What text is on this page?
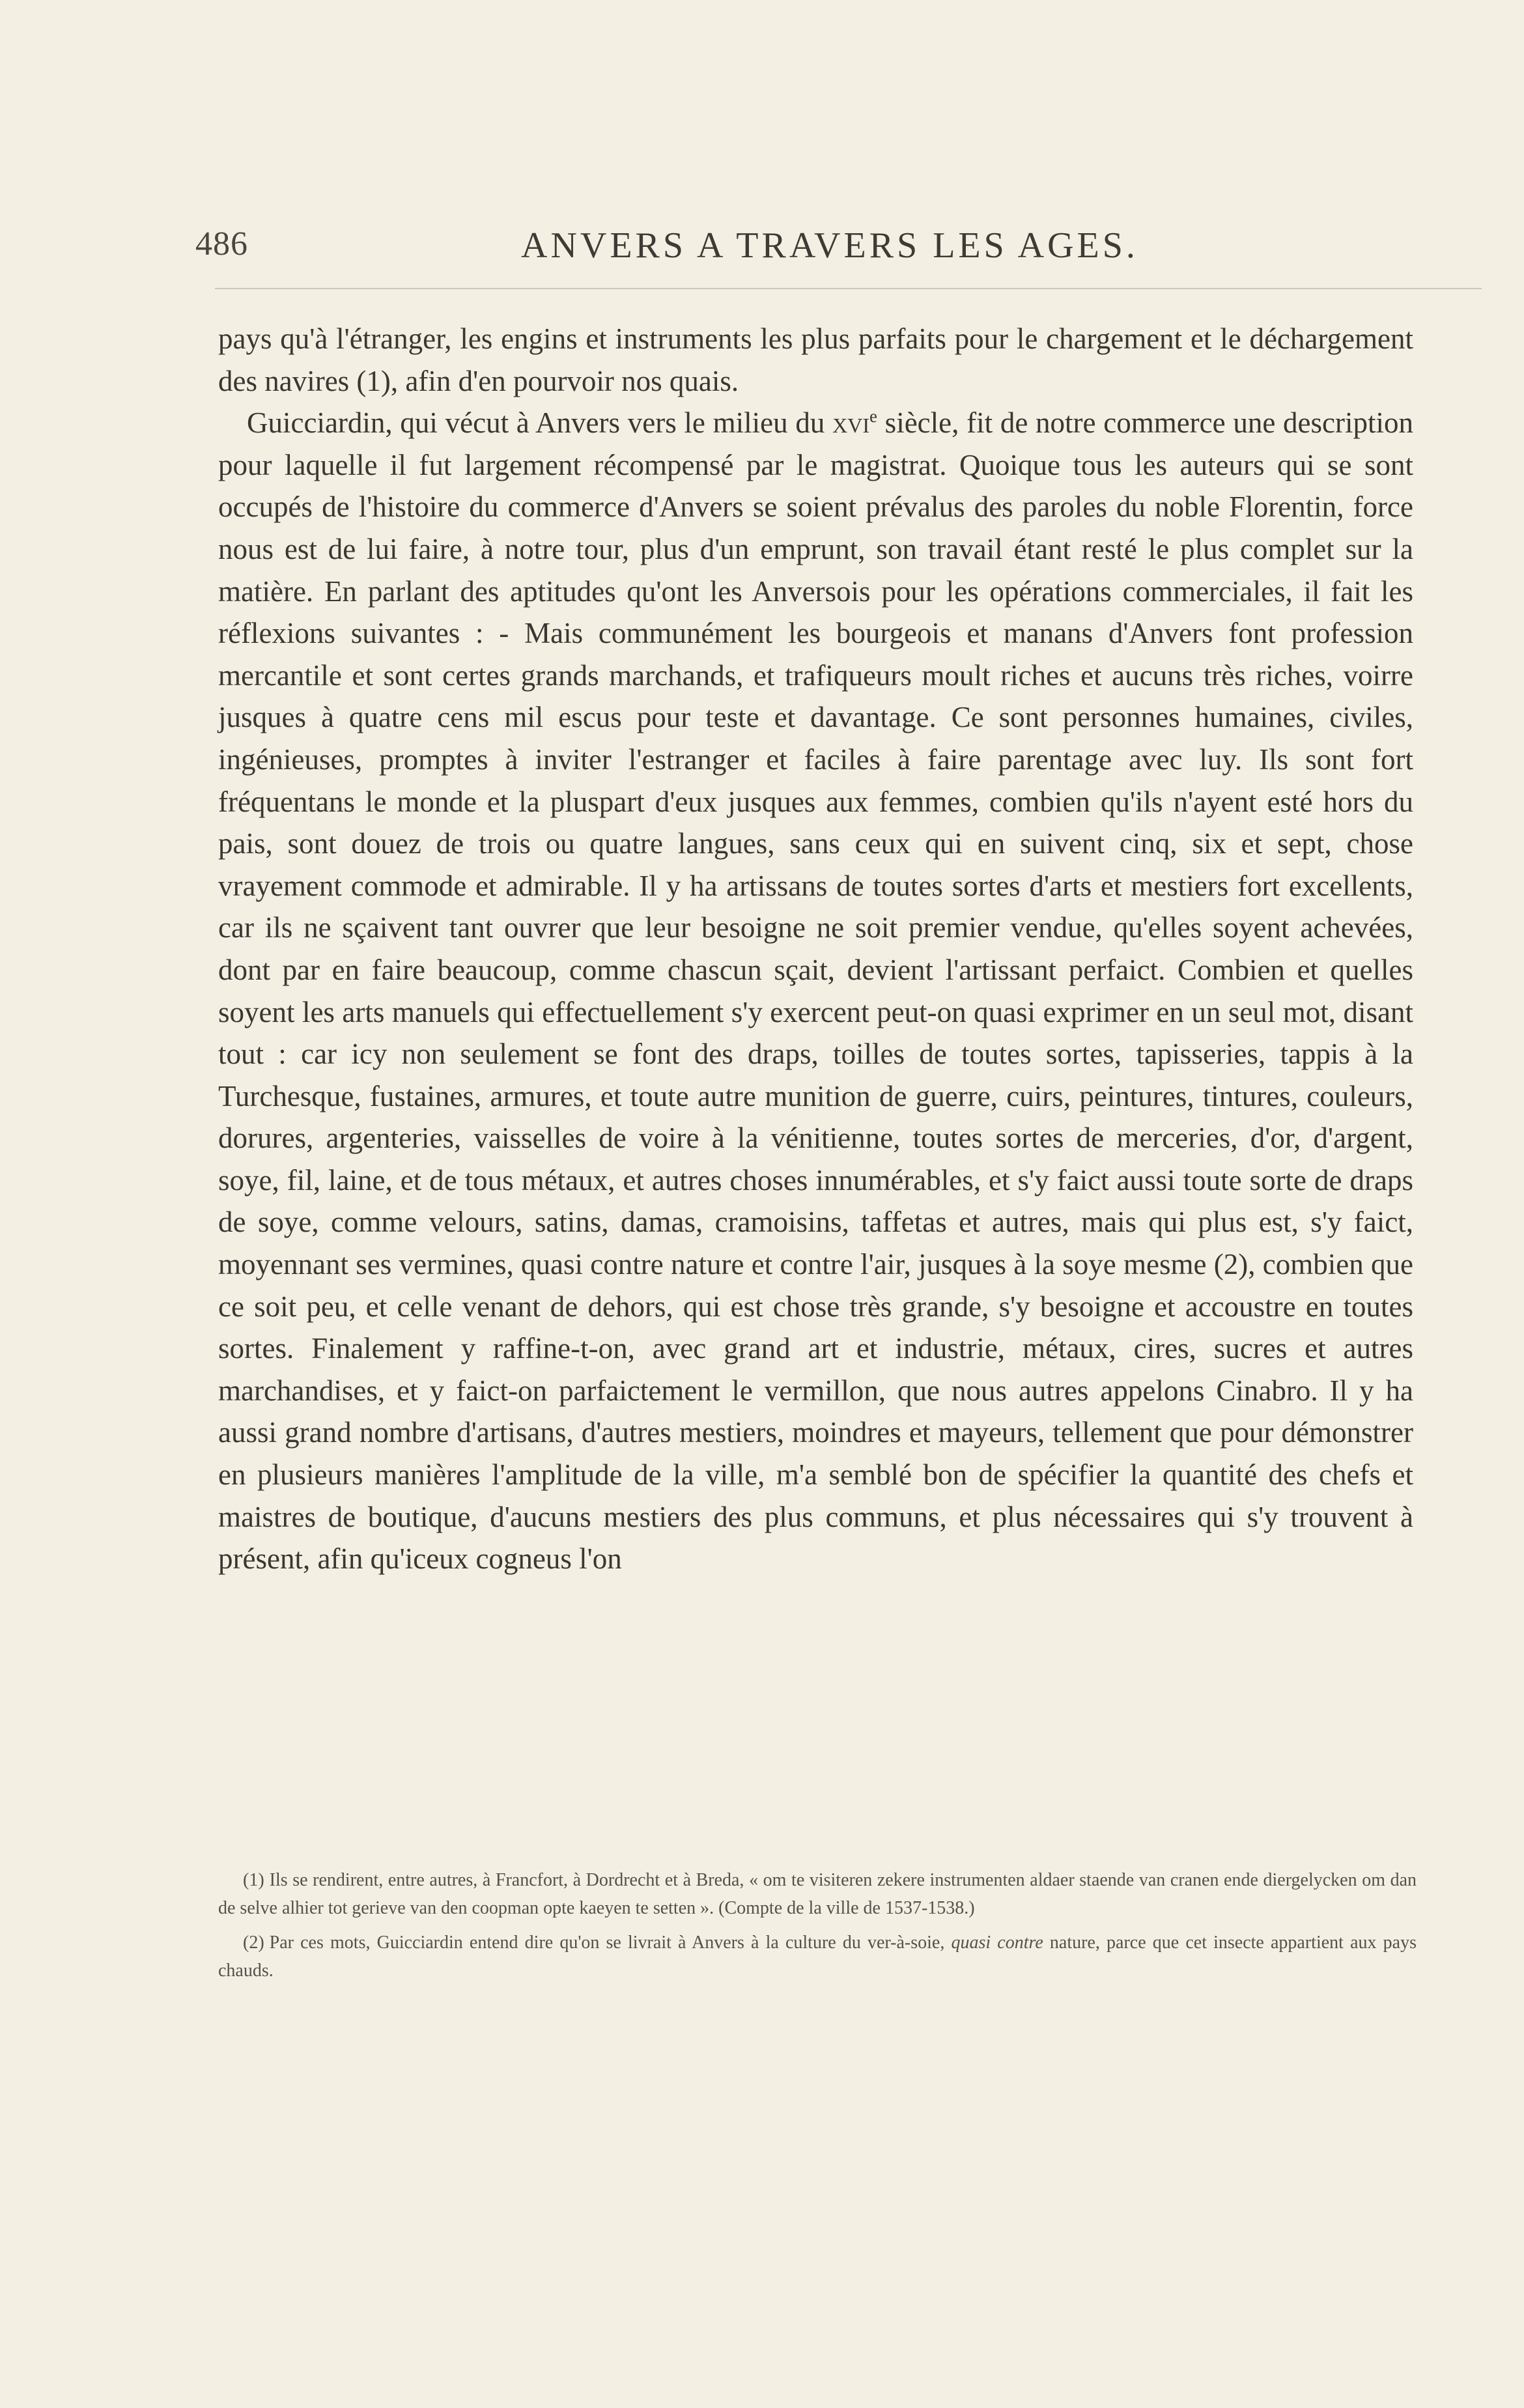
486	ANVERS A TRAVERS LES AGES.

pays qu'à l'étranger, les engins et instruments les plus parfaits pour le chargement et le déchargement des navires (1), afin d'en pourvoir nos quais.

Guicciardin, qui vécut à Anvers vers le milieu du xvi$^e$ siècle, fit de notre commerce une description pour laquelle il fut largement récompensé par le magistrat. Quoique tous les auteurs qui se sont occupés de l'histoire du commerce d'Anvers se soient prévalus des paroles du noble Florentin, force nous est de lui faire, à notre tour, plus d'un emprunt, son travail étant resté le plus complet sur la matière. En parlant des aptitudes qu'ont les Anversois pour les opérations commerciales, il fait les réflexions suivantes : - Mais communément les bourgeois et manans d'Anvers font profession mercantile et sont certes grands marchands, et trafiqueurs moult riches et aucuns très riches, voirre jusques à quatre cens mil escus pour teste et davantage. Ce sont personnes humaines, civiles, ingénieuses, promptes à inviter l'estranger et faciles à faire parentage avec luy. Ils sont fort fréquentans le monde et la pluspart d'eux jusques aux femmes, combien qu'ils n'ayent esté hors du pais, sont douez de trois ou quatre langues, sans ceux qui en suivent cinq, six et sept, chose vrayement commode et admirable. Il y ha artissans de toutes sortes d'arts et mestiers fort excellents, car ils ne sçaivent tant ouvrer que leur besoigne ne soit premier vendue, qu'elles soyent achevées, dont par en faire beaucoup, comme chascun sçait, devient l'artissant perfaict. Combien et quelles soyent les arts manuels qui effectuellement s'y exercent peut-on quasi exprimer en un seul mot, disant tout : car icy non seulement se font des draps, toilles de toutes sortes, tapisseries, tappis à la Turchesque, fustaines, armures, et toute autre munition de guerre, cuirs, peintures, tintures, couleurs, dorures, argenteries, vaisselles de voire à la vénitienne, toutes sortes de merceries, d'or, d'argent, soye, fil, laine, et de tous métaux, et autres choses innumérables, et s'y faict aussi toute sorte de draps de soye, comme velours, satins, damas, cramoisins, taffetas et autres, mais qui plus est, s'y faict, moyennant ses vermines, quasi contre nature et contre l'air, jusques à la soye mesme (2), combien que ce soit peu, et celle venant de dehors, qui est chose très grande, s'y besoigne et accoustre en toutes sortes. Finalement y raffine-t-on, avec grand art et industrie, métaux, cires, sucres et autres marchandises, et y faict-on parfaictement le vermillon, que nous autres appelons Cinabro. Il y ha aussi grand nombre d'artisans, d'autres mestiers, moindres et mayeurs, tellement que pour démonstrer en plusieurs manières l'amplitude de la ville, m'a semblé bon de spécifier la quantité des chefs et maistres de boutique, d'aucuns mestiers des plus communs, et plus nécessaires qui s'y trouvent à présent, afin qu'iceux cogneus l'on

(1) Ils se rendirent, entre autres, à Francfort, à Dordrecht et à Breda, « om te visiteren zekere instrumenten aldaer staende van cranen ende diergelycken om dan de selve alhier tot gerieve van den coopman opte kaeyen te setten ». (Compte de la ville de 1537-1538.)

(2) Par ces mots, Guicciardin entend dire qu'on se livrait à Anvers à la culture du ver-à-soie, quasi contre nature, parce que cet insecte appartient aux pays chauds.
